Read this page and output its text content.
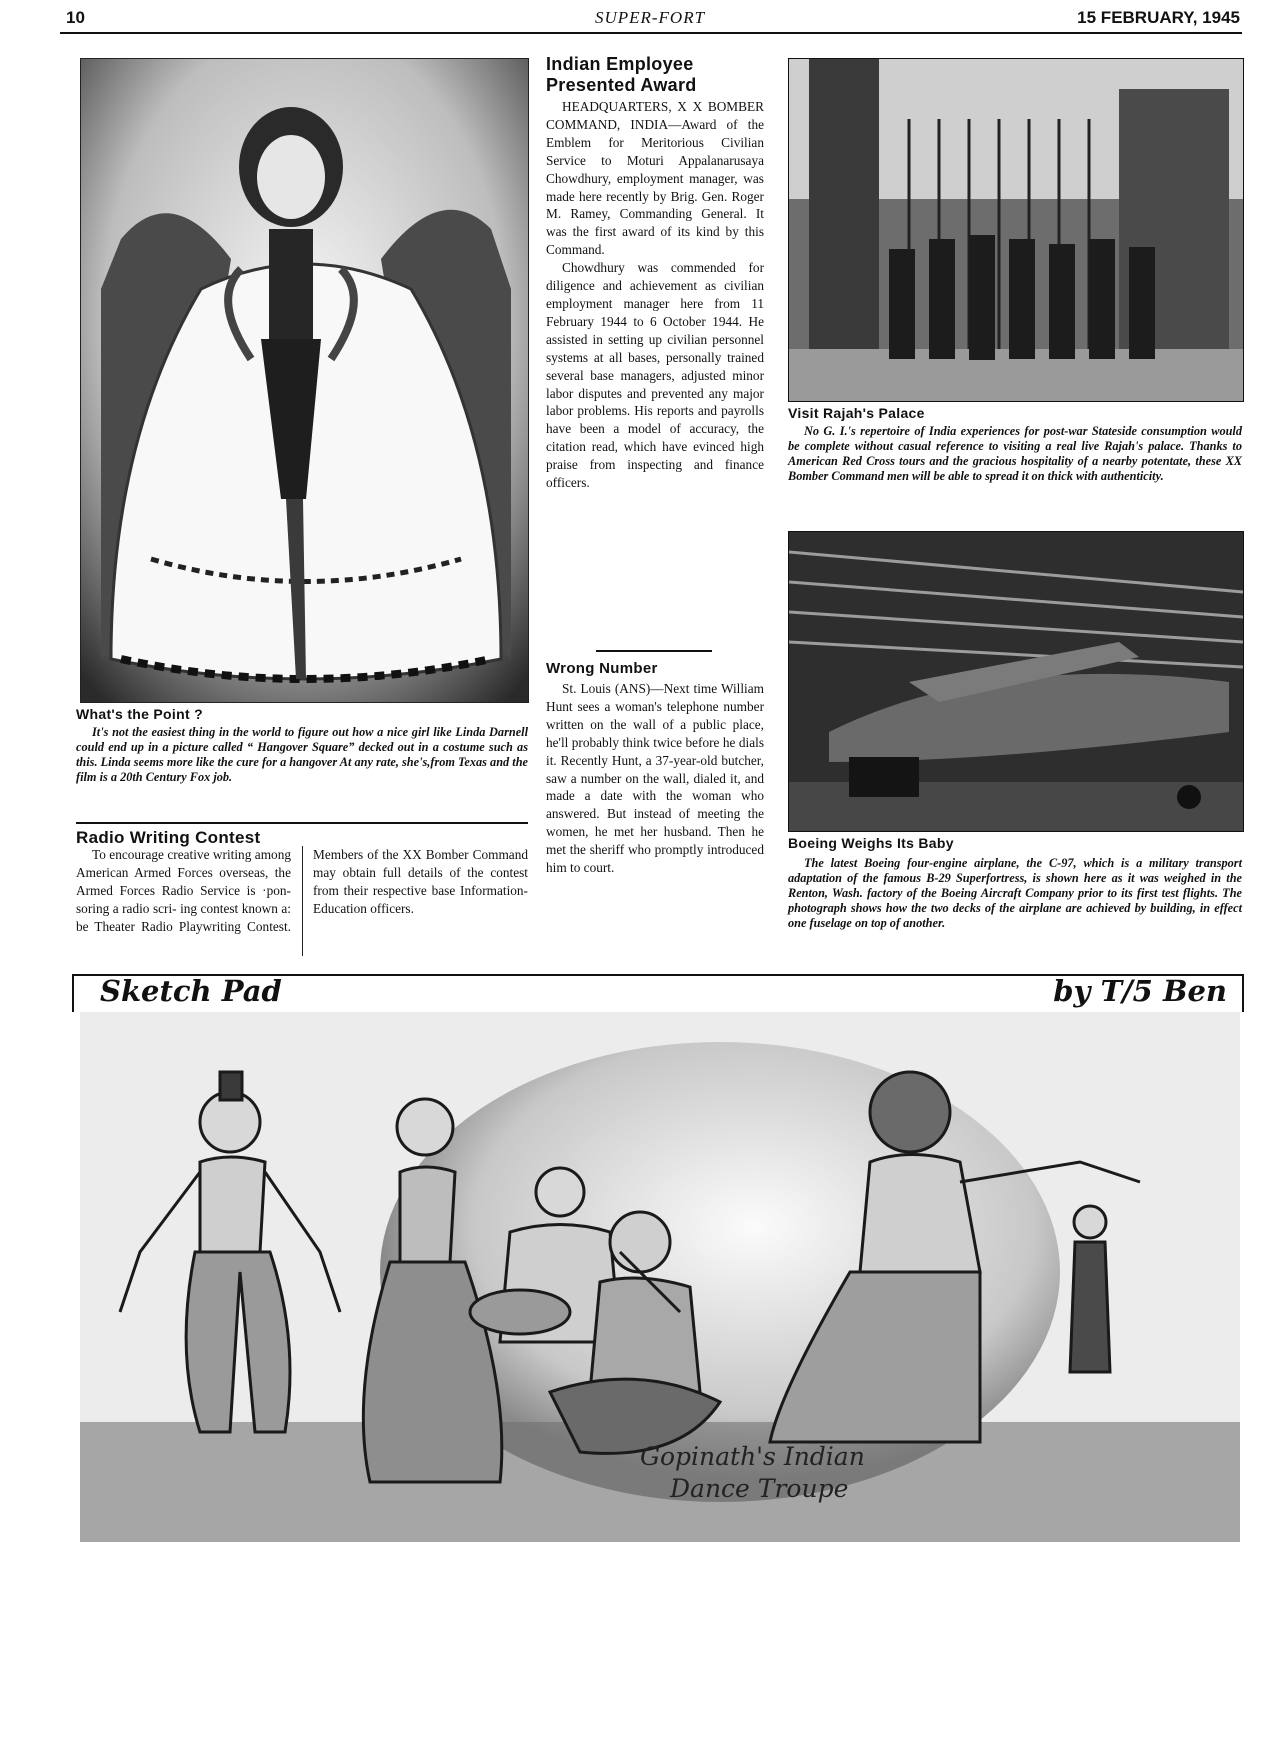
10	SUPER-FORT	15 FEBRUARY, 1945
What's the Point ?
It's not the easiest thing in the world to figure out how a nice girl like Linda Darnell could end up in a picture called “ Hangover Square” decked out in a costume such as this. Linda seems more like the cure for a hangover At any rate, she's,from Texas and the film is a 20th Century Fox job.
Radio Writing Contest

To encourage creative writing among American Armed Forces overseas, the Armed Forces Radio Service is ·pon- soring a radio scri- ing contest known a: be Theater Radio Playwriting Contest. Members of the XX Bomber Command may obtain full details of the contest from their respective base Information-Education officers.

Indian Employee
Presented Award

HEADQUARTERS, X X BOMBER COMMAND, INDIA—Award of the Emblem for Meritorious Civilian Service to Moturi Appalanarusaya Chowdhury, employment manager, was made here recently by Brig. Gen. Roger M. Ramey, Commanding General. It was the first award of its kind by this Command.

Chowdhury was commended for diligence and achievement as civilian employment manager here from 11 February 1944 to 6 October 1944. He assisted in setting up civilian personnel systems at all bases, personally trained several base managers, adjusted minor labor disputes and prevented any major labor problems. His reports and payrolls have been a model of accuracy, the citation read, which have evinced high praise from inspecting and finance officers.

Wrong Number

St. Louis (ANS)—Next time William Hunt sees a woman's telephone number written on the wall of a public place, he'll probably think twice before he dials it. Recently Hunt, a 37-year-old butcher, saw a number on the wall, dialed it, and made a date with the woman who answered. But instead of meeting the women, he met her husband. Then he met the sheriff who promptly introduced him to court.

Visit Rajah's Palace
No G. I.'s repertoire of India experiences for post-war Stateside consumption would be complete without casual reference to visiting a real live Rajah's palace. Thanks to American Red Cross tours and the gracious hospitality of a nearby potentate, these XX Bomber Command men will be able to spread it on thick with authenticity.
Boeing Weighs Its Baby
The latest Boeing four-engine airplane, the C-97, which is a military transport adaptation of the famous B-29 Superfortress, is shown here as it was weighed in the Renton, Wash. factory of the Boeing Aircraft Company prior to its first test flights. The photograph shows how the two decks of the airplane are achieved by building, in effect one fuselage on top of another.
Sketch Pad	by T/5 Ben
Gopinath's Indian
Dance Troupe
